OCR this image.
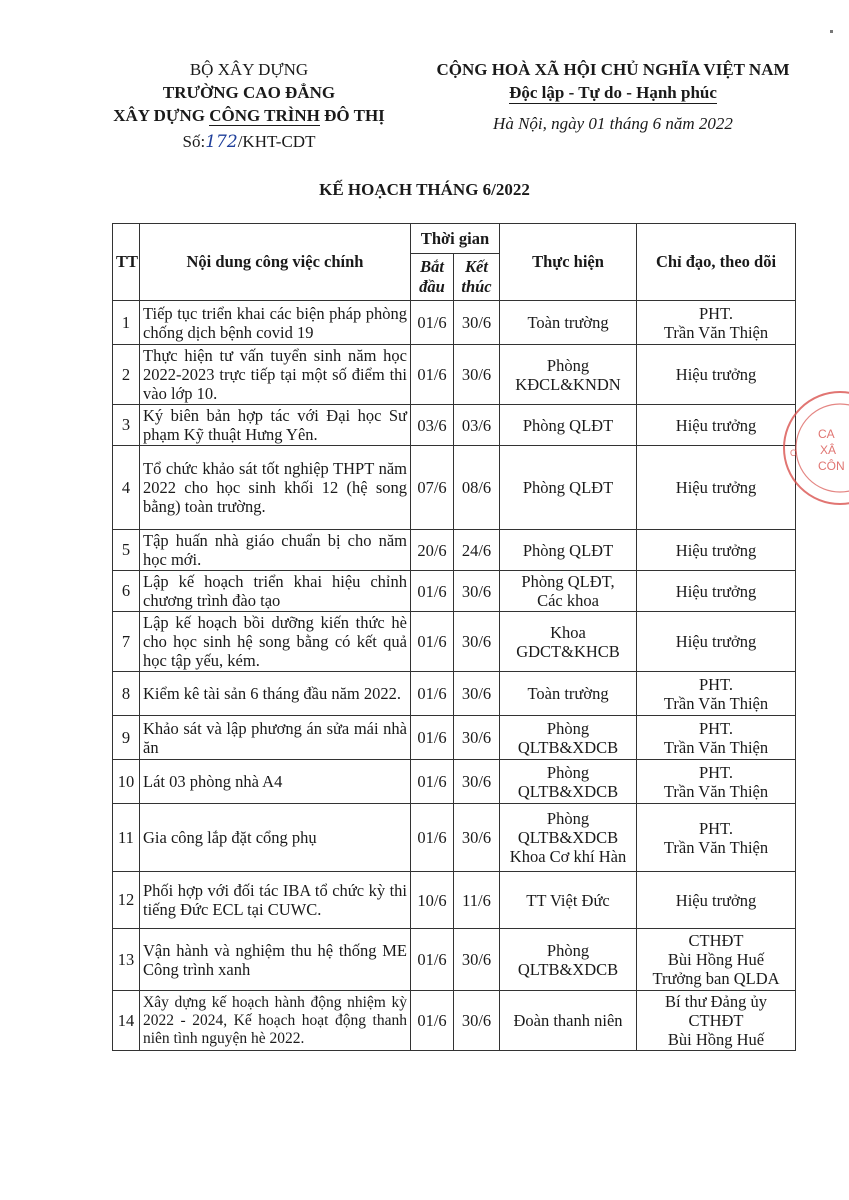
BỘ XÂY DỰNG
TRƯỜNG CAO ĐẲNG
XÂY DỰNG CÔNG TRÌNH ĐÔ THỊ
Số:172/KHT-CDT
CỘNG HOÀ XÃ HỘI CHỦ NGHĨA VIỆT NAM
Độc lập - Tự do - Hạnh phúc
Hà Nội, ngày 01 tháng 6 năm 2022
KẾ HOẠCH THÁNG 6/2022
TT	Nội dung công việc chính	Thời gian		Thực hiện	Chỉ đạo, theo dõi
		Bắt đầu	Kết thúc		
1	Tiếp tục triển khai các biện pháp phòng chống dịch bệnh covid 19	01/6	30/6	Toàn trường	PHT.
Trần Văn Thiện
2	Thực hiện tư vấn tuyển sinh năm học 2022-2023 trực tiếp tại một số điểm thi vào lớp 10.	01/6	30/6	Phòng
KĐCL&KNDN	Hiệu trưởng
3	Ký biên bản hợp tác với Đại học Sư phạm Kỹ thuật Hưng Yên.	03/6	03/6	Phòng QLĐT	Hiệu trưởng
4	Tổ chức khảo sát tốt nghiệp THPT năm 2022 cho học sinh khối 12 (hệ song bằng) toàn trường.	07/6	08/6	Phòng QLĐT	Hiệu trưởng
5	Tập huấn nhà giáo chuẩn bị cho năm học mới.	20/6	24/6	Phòng QLĐT	Hiệu trưởng
6	Lập kế hoạch triển khai hiệu chỉnh chương trình đào tạo	01/6	30/6	Phòng QLĐT,
Các khoa	Hiệu trưởng
7	Lập kế hoạch bồi dưỡng kiến thức hè cho học sinh hệ song bằng có kết quả học tập yếu, kém.	01/6	30/6	Khoa
GDCT&KHCB	Hiệu trưởng
8	Kiểm kê tài sản 6 tháng đầu năm 2022.	01/6	30/6	Toàn trường	PHT.
Trần Văn Thiện
9	Khảo sát và lập phương án sửa mái nhà ăn	01/6	30/6	Phòng
QLTB&XDCB	PHT.
Trần Văn Thiện
10	Lát 03 phòng nhà A4	01/6	30/6	Phòng
QLTB&XDCB	PHT.
Trần Văn Thiện
11	Gia công lắp đặt cổng phụ	01/6	30/6	Phòng
QLTB&XDCB
Khoa Cơ khí Hàn	PHT.
Trần Văn Thiện
12	Phối hợp với đối tác IBA tổ chức kỳ thi tiếng Đức ECL tại CUWC.	10/6	11/6	TT Việt Đức	Hiệu trưởng
13	Vận hành và nghiệm thu hệ thống ME Công trình xanh	01/6	30/6	Phòng
QLTB&XDCB	CTHĐT
Bùi Hồng Huế
Trưởng ban QLDA
14	Xây dựng kế hoạch hành động nhiệm kỳ 2022 - 2024, Kế hoạch hoạt động thanh niên tình nguyện hè 2022.	01/6	30/6	Đoàn thanh niên	Bí thư Đảng ủy
CTHĐT
Bùi Hồng Huế
CA
XÂ
CÔN
O
